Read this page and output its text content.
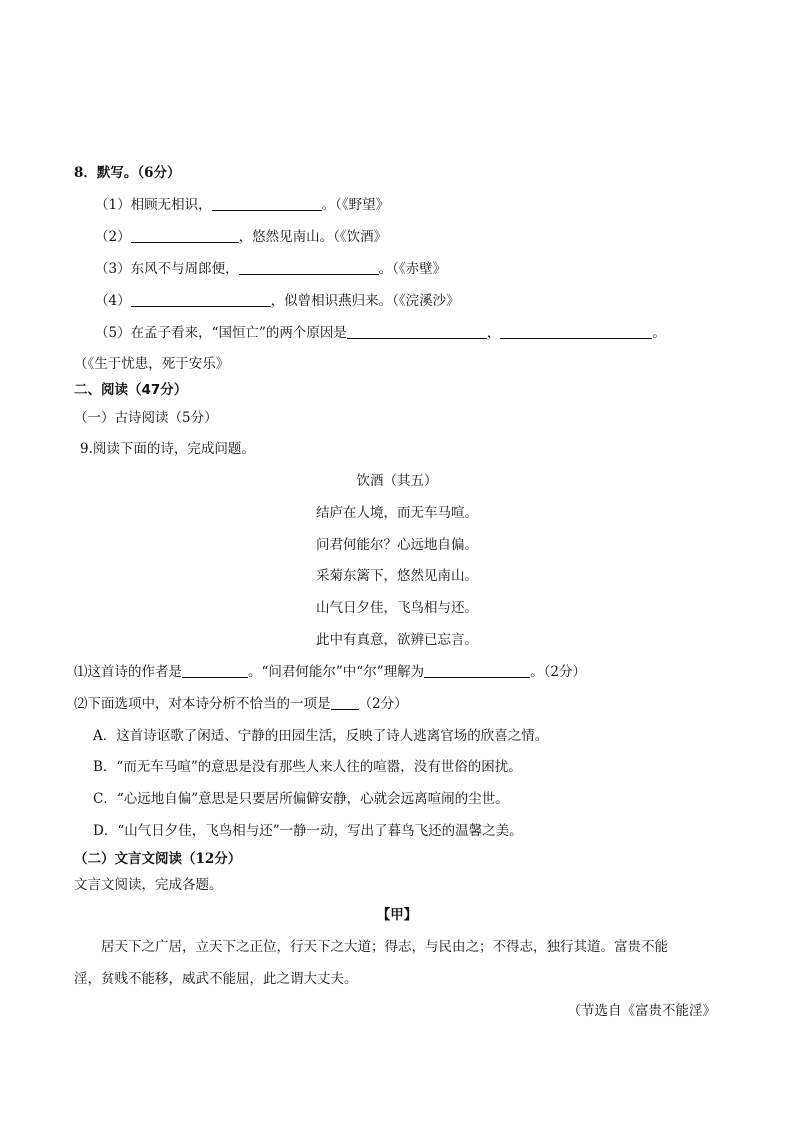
8．默写。（6分）
（1）相顾无相识，	。（《野望》
（2）	，悠然见南山。（《饮酒》
（3）东风不与周郎便，	。（《赤壁》
（4）	，似曾相识燕归来。（《浣溪沙》
（5）在孟子看来，“国恒亡”的两个原因是	，	。
（《生于忧患，死于安乐》
二、阅读（47分）
（一）古诗阅读（5分）
9.阅读下面的诗，完成问题。
饮酒（其五）
结庐在人境，而无车马喧。
问君何能尔？心远地自偏。
采菊东篱下，悠然见南山。
山气日夕佳，飞鸟相与还。
此中有真意，欲辨已忘言。
⑴这首诗的作者是	。“问君何能尔”中“尔”理解为	。（2分）
⑵下面选项中，对本诗分析不恰当的一项是 （2分）
A．这首诗讴歌了闲适、宁静的田园生活，反映了诗人逃离官场的欣喜之情。
B．“而无车马喧”的意思是没有那些人来人往的喧嚣，没有世俗的困扰。
C．“心远地自偏”意思是只要居所偏僻安静，心就会远离喧闹的尘世。
D．“山气日夕佳，飞鸟相与还”一静一动，写出了暮鸟飞还的温馨之美。
（二）文言文阅读（12分）
文言文阅读，完成各题。
【甲】
居天下之广居，立天下之正位，行天下之大道；得志，与民由之；不得志，独行其道。富贵不能
淫，贫贱不能移，威武不能屈，此之谓大丈夫。
（节选自《富贵不能淫》
